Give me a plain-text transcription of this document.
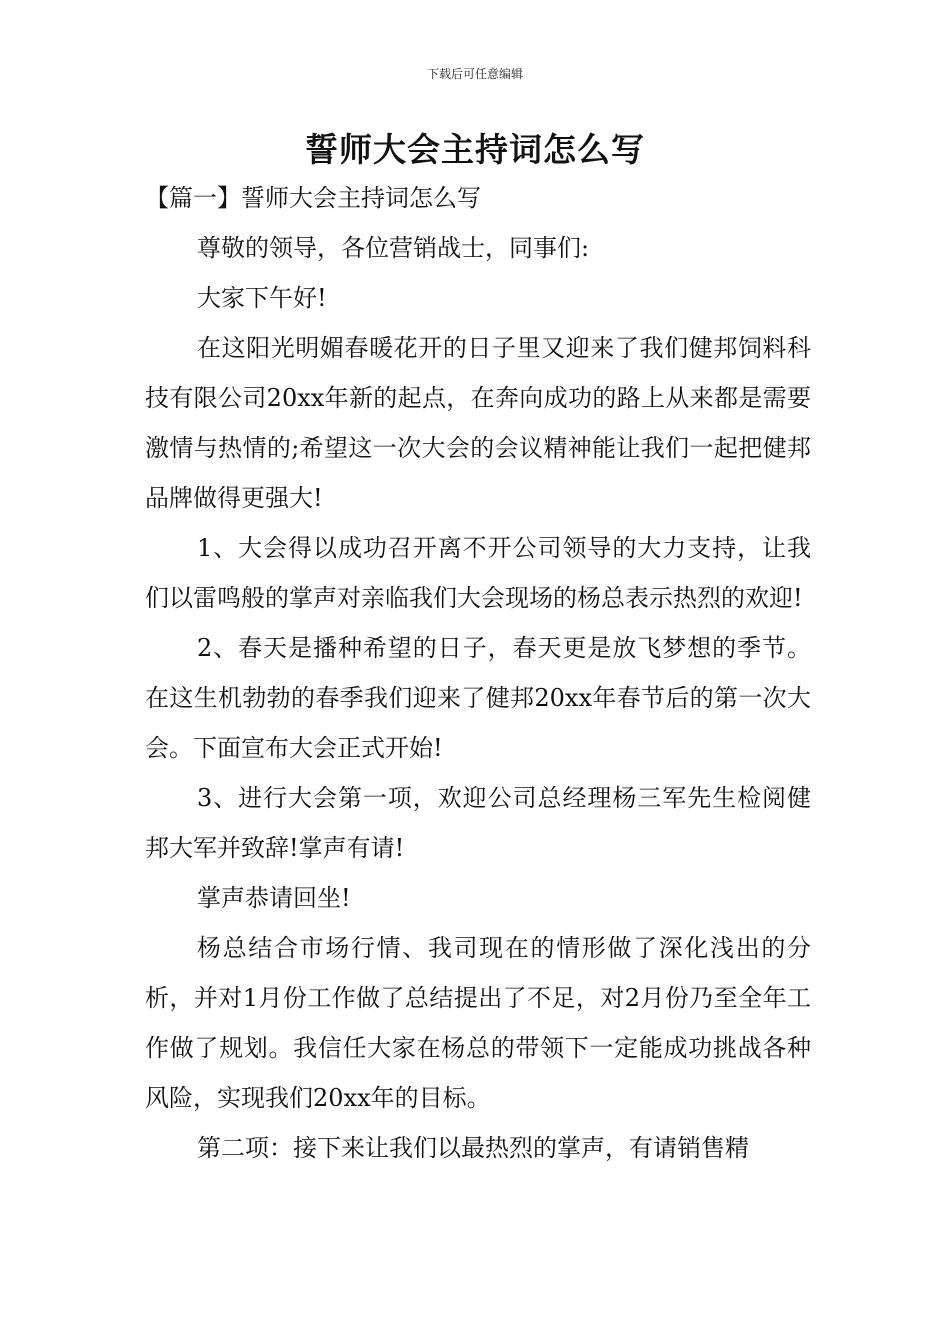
下载后可任意编辑
誓师大会主持词怎么写

【篇一】誓师大会主持词怎么写

尊敬的领导，各位营销战士，同事们:

大家下午好!

在这阳光明媚春暖花开的日子里又迎来了我们健邦饲料科技有限公司20xx年新的起点，在奔向成功的路上从来都是需要激情与热情的;希望这一次大会的会议精神能让我们一起把健邦品牌做得更强大!

1、大会得以成功召开离不开公司领导的大力支持，让我们以雷鸣般的掌声对亲临我们大会现场的杨总表示热烈的欢迎!

2、春天是播种希望的日子，春天更是放飞梦想的季节。在这生机勃勃的春季我们迎来了健邦20xx年春节后的第一次大会。下面宣布大会正式开始!

3、进行大会第一项，欢迎公司总经理杨三军先生检阅健邦大军并致辞!掌声有请!

掌声恭请回坐!

杨总结合市场行情、我司现在的情形做了深化浅出的分析，并对1月份工作做了总结提出了不足，对2月份乃至全年工作做了规划。我信任大家在杨总的带领下一定能成功挑战各种风险，实现我们20xx年的目标。

第二项：接下来让我们以最热烈的掌声，有请销售精
